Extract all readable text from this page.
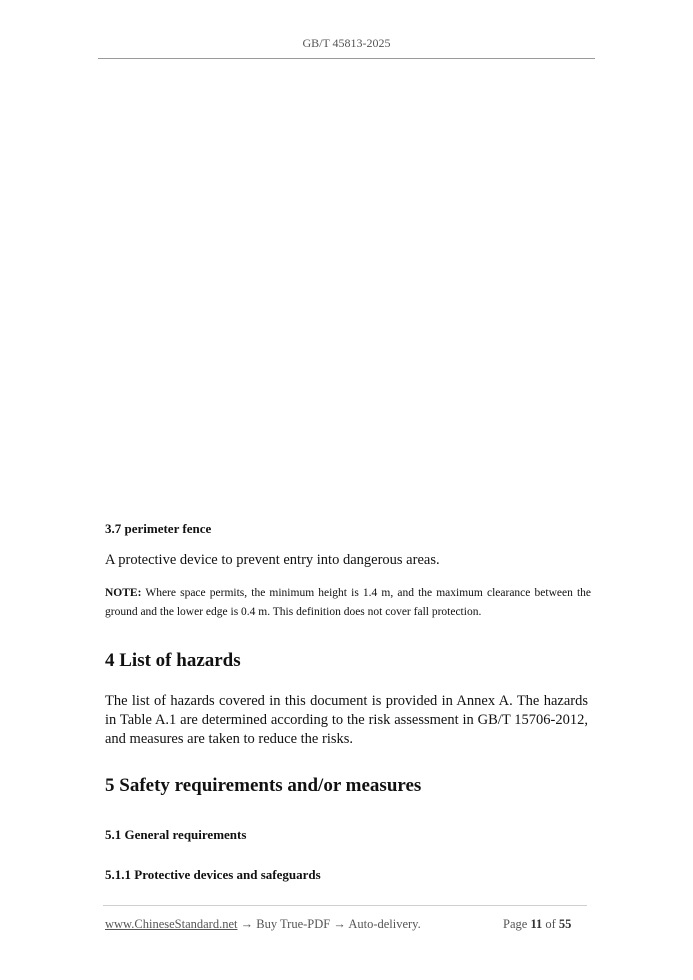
GB/T 45813-2025
3.7 perimeter fence
A protective device to prevent entry into dangerous areas.
NOTE: Where space permits, the minimum height is 1.4 m, and the maximum clearance between the ground and the lower edge is 0.4 m. This definition does not cover fall protection.
4 List of hazards
The list of hazards covered in this document is provided in Annex A. The hazards in Table A.1 are determined according to the risk assessment in GB/T 15706-2012, and measures are taken to reduce the risks.
5 Safety requirements and/or measures
5.1 General requirements
5.1.1 Protective devices and safeguards
www.ChineseStandard.net → Buy True-PDF → Auto-delivery.	Page 11 of 55
